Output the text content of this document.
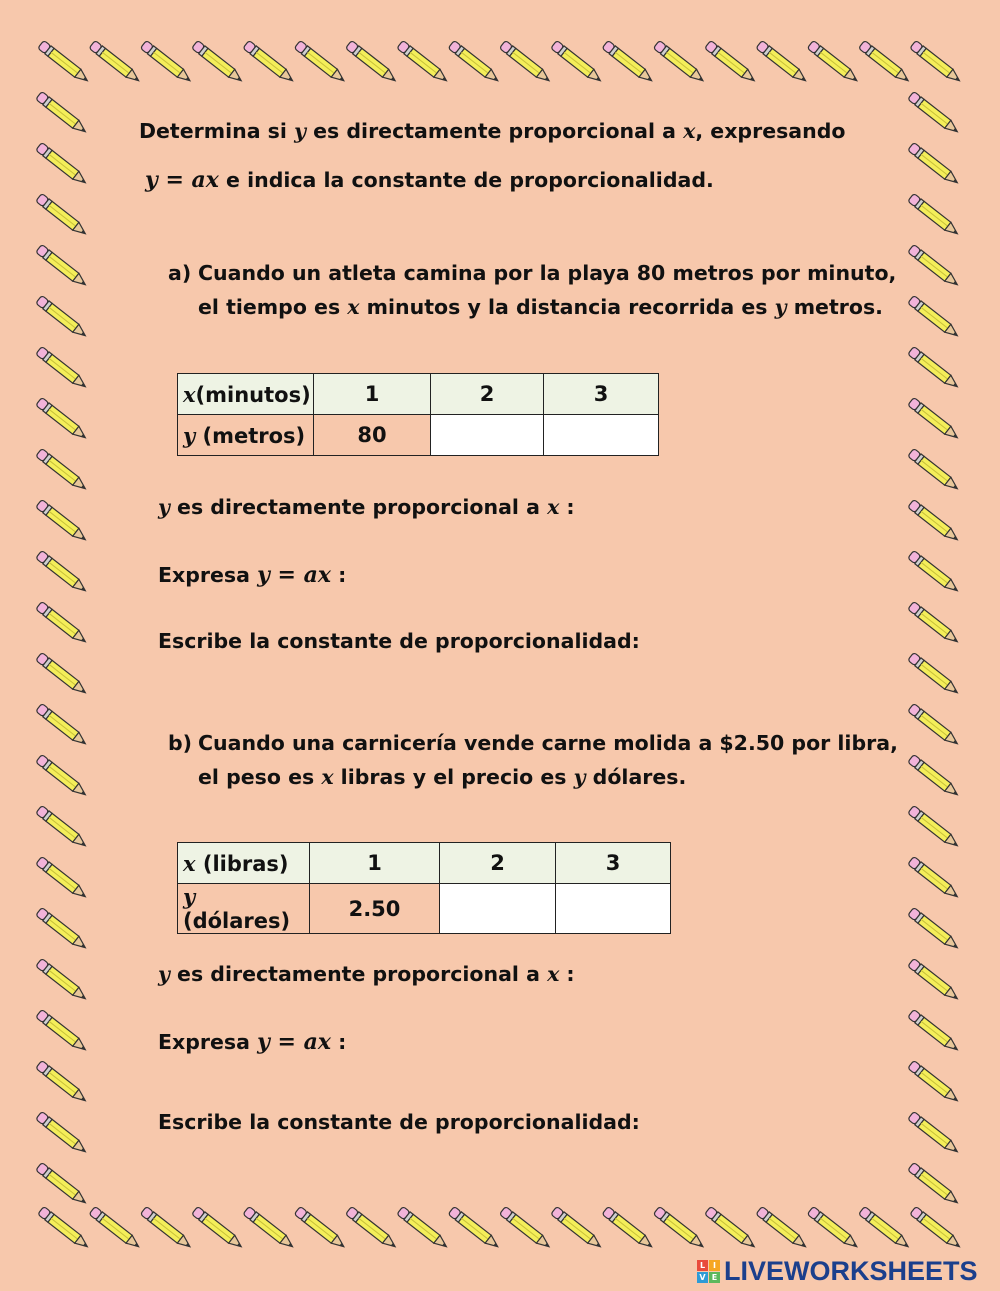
Determina si y es directamente proporcional a x, expresando
y = ax e indica la constante de proporcionalidad.
a) Cuando un atleta camina por la playa 80 metros por minuto,
el tiempo es x minutos y la distancia recorrida es y metros.
x(minutos)	1	2	3
y (metros)	80		
y es directamente proporcional a x :
Expresa y = ax :
Escribe la constante de proporcionalidad:
b) Cuando una carnicería vende carne molida a $2.50 por libra,
el peso es x libras y el precio es y dólares.
x (libras)	1	2	3
y (dólares)	2.50		
y es directamente proporcional a x :
Expresa y = ax :
Escribe la constante de proporcionalidad:
L I
V E LIVEWORKSHEETS
